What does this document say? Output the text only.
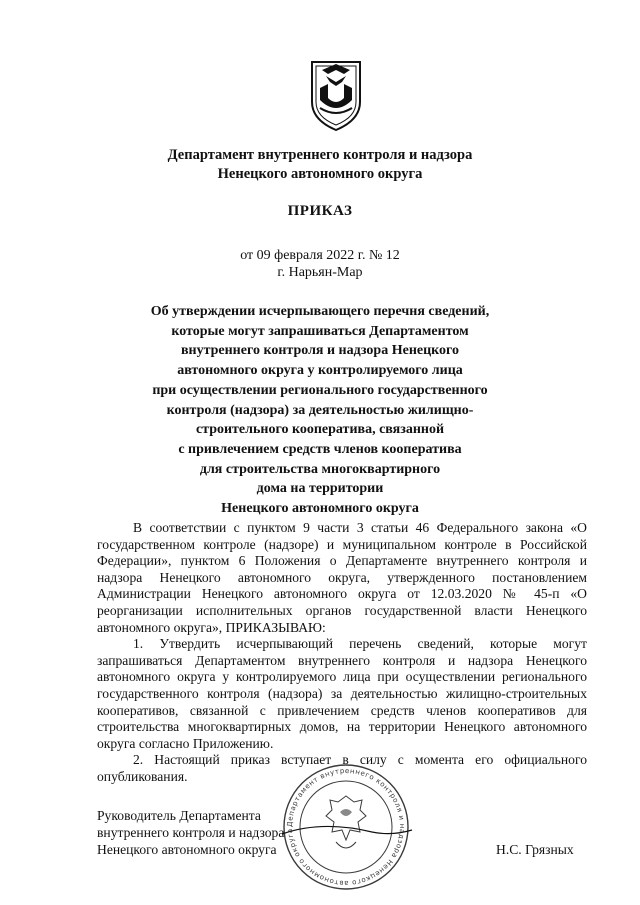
Департамент внутреннего контроля и надзора
Ненецкого автономного округа
ПРИКАЗ
от 09 февраля 2022 г. № 12
г. Нарьян-Мар
Об утверждении исчерпывающего перечня сведений,
которые могут запрашиваться Департаментом
внутреннего контроля и надзора Ненецкого
автономного округа у контролируемого лица
при осуществлении регионального государственного
контроля (надзора) за деятельностью жилищно-
строительного кооператива, связанной
с привлечением средств членов кооператива
для строительства многоквартирного
дома на территории
Ненецкого автономного округа

В соответствии с пунктом 9 части 3 статьи 46 Федерального закона «О государственном контроле (надзоре) и муниципальном контроле в Российской Федерации», пунктом 6 Положения о Департаменте внутреннего контроля и надзора Ненецкого автономного округа, утвержденного постановлением Администрации Ненецкого автономного округа от 12.03.2020 № 45-п «О реорганизации исполнительных органов государственной власти Ненецкого автономного округа», ПРИКАЗЫВАЮ:

1. Утвердить исчерпывающий перечень сведений, которые могут запрашиваться Департаментом внутреннего контроля и надзора Ненецкого автономного округа у контролируемого лица при осуществлении регионального государственного контроля (надзора) за деятельностью жилищно-строительных кооперативов, связанной с привлечением средств членов кооперативов для строительства многоквартирных домов, на территории Ненецкого автономного округа согласно Приложению.

2. Настоящий приказ вступает в силу с момента его официального опубликования.

Руководитель Департамента
внутреннего контроля и надзора
Ненецкого автономного округа	Н.С. Грязных
Департамент внутреннего контроля и надзора Ненецкого автономного округа
